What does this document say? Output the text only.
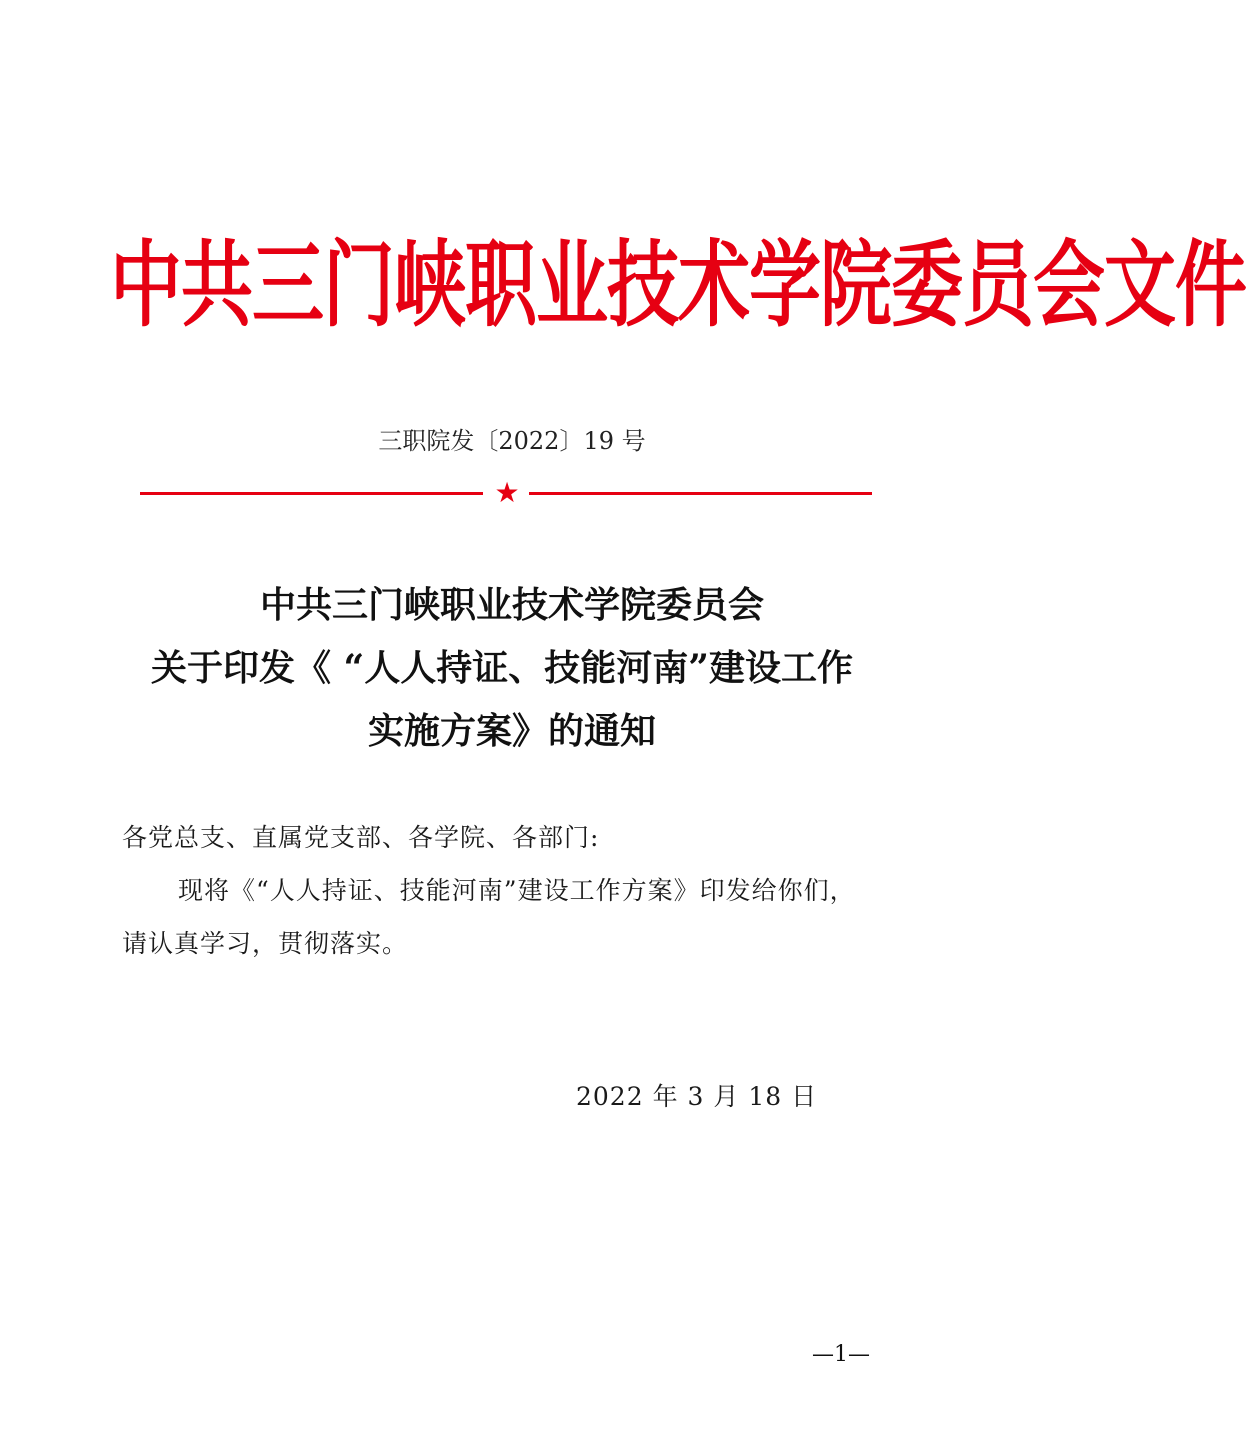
中共三门峡职业技术学院委员会文件
三职院发〔2022〕19 号
★
中共三门峡职业技术学院委员会
关于印发《 “人人持证、技能河南”建设工作
实施方案》的通知
各党总支、直属党支部、各学院、各部门:
现将《“人人持证、技能河南”建设工作方案》印发给你们，
请认真学习，贯彻落实。
2022 年 3 月 18 日
—1—
